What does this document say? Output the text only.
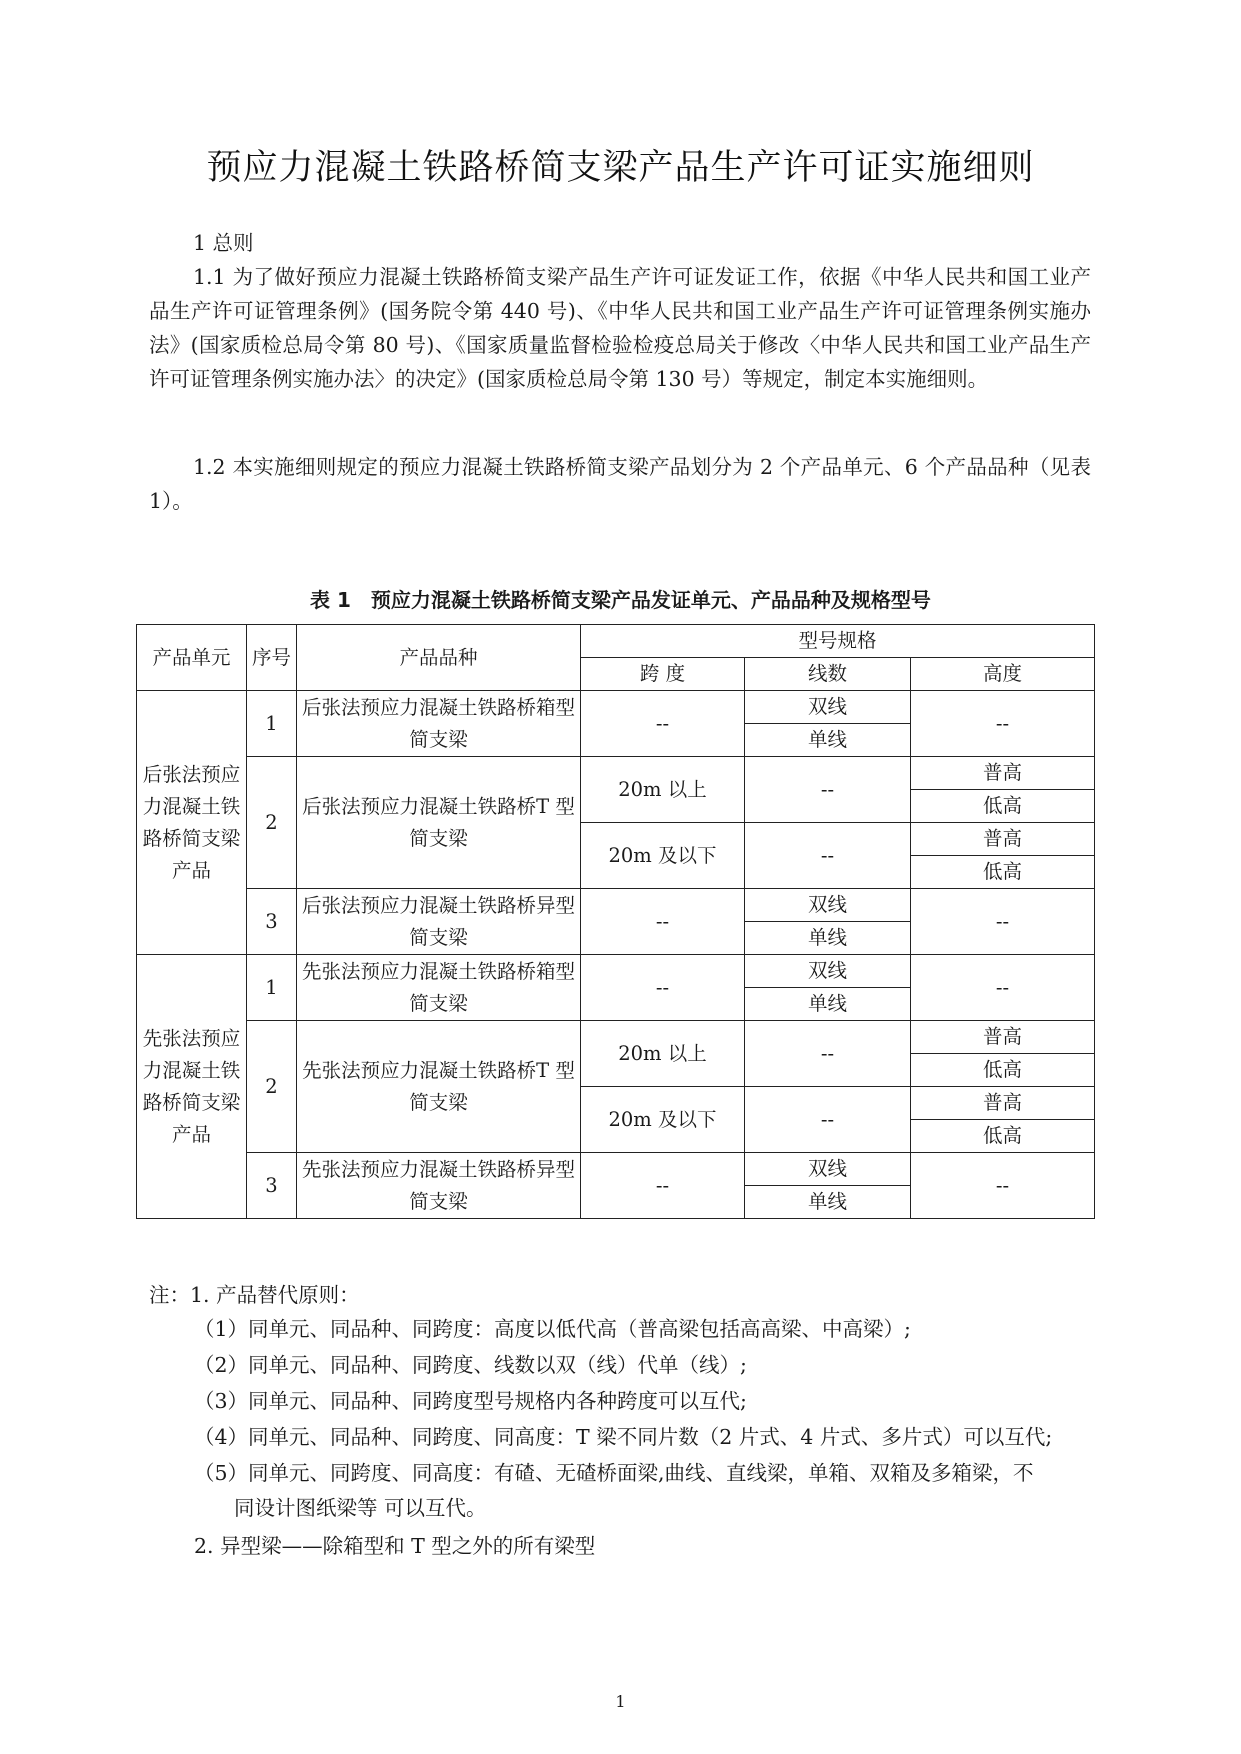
预应力混凝土铁路桥简支梁产品生产许可证实施细则

1 总则

1.1 为了做好预应力混凝土铁路桥简支梁产品生产许可证发证工作，依据《中华人民共和国工业产品生产许可证管理条例》(国务院令第 440 号)、《中华人民共和国工业产品生产许可证管理条例实施办法》(国家质检总局令第 80 号)、《国家质量监督检验检疫总局关于修改〈中华人民共和国工业产品生产许可证管理条例实施办法〉的决定》(国家质检总局令第 130 号）等规定，制定本实施细则。

1.2 本实施细则规定的预应力混凝土铁路桥简支梁产品划分为 2 个产品单元、6 个产品品种（见表 1）。

表 1　预应力混凝土铁路桥简支梁产品发证单元、产品品种及规格型号
产品单元	序号	产品品种	型号规格		
			跨 度	线数	高度
后张法预应力混凝土铁路桥简支梁产品	1	后张法预应力混凝土铁路桥箱型简支梁	--	双线	--
				单线	
	2	后张法预应力混凝土铁路桥T 型简支梁	20m 以上	--	普高
					低高
			20m 及以下	--	普高
					低高
	3	后张法预应力混凝土铁路桥异型简支梁	--	双线	--
				单线	
先张法预应力混凝土铁路桥简支梁产品	1	先张法预应力混凝土铁路桥箱型简支梁	--	双线	--
				单线	
	2	先张法预应力混凝土铁路桥T 型简支梁	20m 以上	--	普高
					低高
			20m 及以下	--	普高
					低高
	3	先张法预应力混凝土铁路桥异型简支梁	--	双线	--
				单线	

注：1. 产品替代原则：

（1）同单元、同品种、同跨度：高度以低代高（普高梁包括高高梁、中高梁）;

（2）同单元、同品种、同跨度、线数以双（线）代单（线）;

（3）同单元、同品种、同跨度型号规格内各种跨度可以互代;

（4）同单元、同品种、同跨度、同高度：T 梁不同片数（2 片式、4 片式、多片式）可以互代;

（5）同单元、同跨度、同高度：有碴、无碴桥面梁,曲线、直线梁，单箱、双箱及多箱梁，不

同设计图纸梁等 可以互代。

2. 异型梁——除箱型和 T 型之外的所有梁型

1
